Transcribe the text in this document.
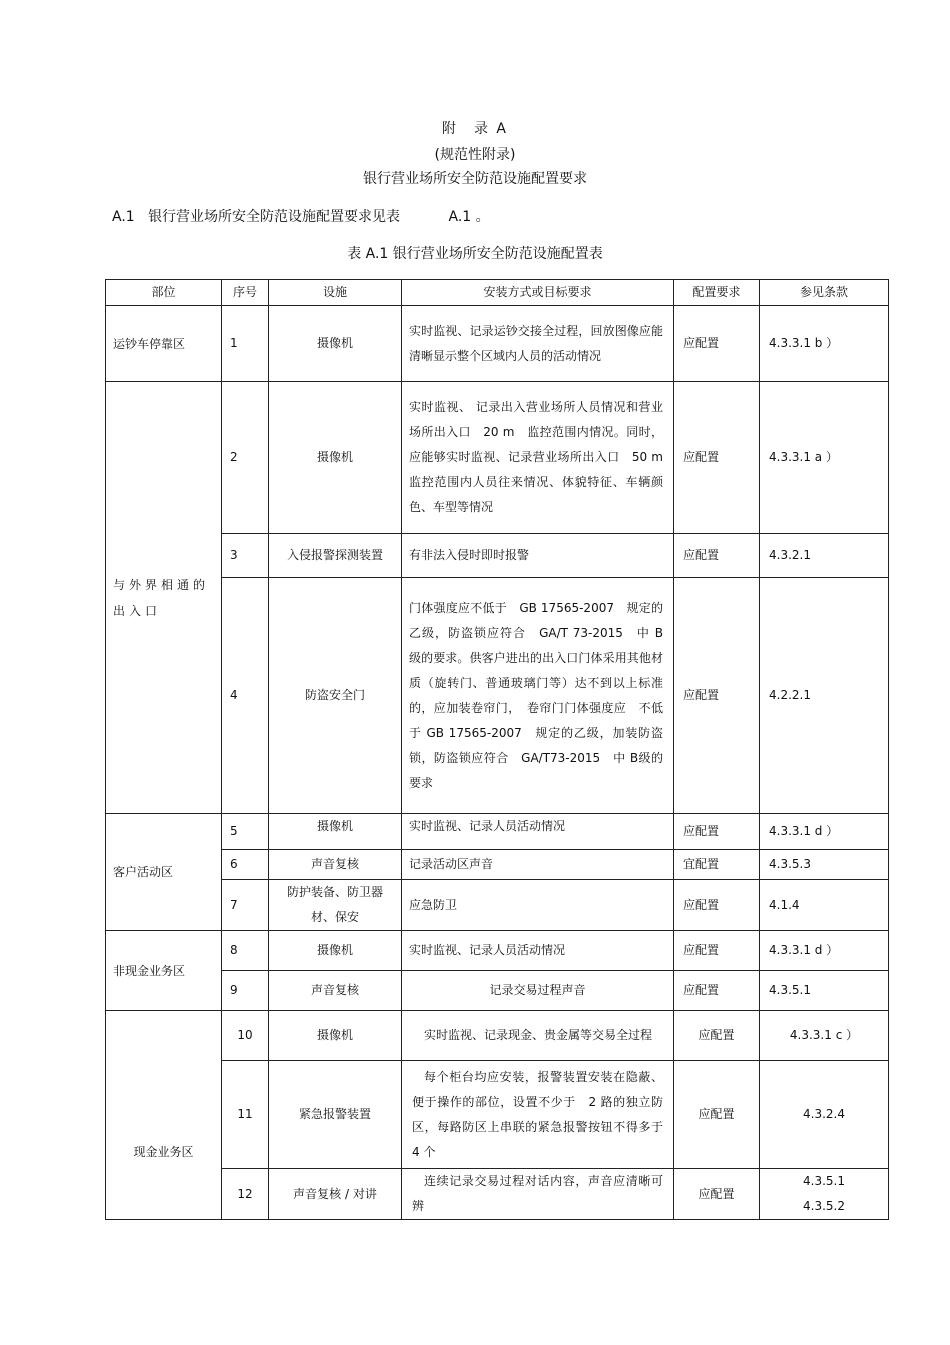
附　录 A
(规范性附录)
银行营业场所安全防范设施配置要求
A.1 银行营业场所安全防范设施配置要求见表	A.1 。
表 A.1 银行营业场所安全防范设施配置表
部位	序号	设施	安装方式或目标要求	配置要求	参见条款
运钞车停靠区	1	摄像机	实时监视、记录运钞交接全过程，回放图像应能清晰显示整个区域内人员的活动情况	应配置	4.3.3.1 b ）
与外界相通的出入口	2	摄像机	实时监视、 记录出入营业场所人员情况和营业场所出入口　20 m　监控范围内情况。同时，应能够实时监视、记录营业场所出入口　50 m　监控范围内人员往来情况、体貌特征、车辆颜色、车型等情况	应配置	4.3.3.1 a ）
	3	入侵报警探测装置	有非法入侵时即时报警	应配置	4.3.2.1
	4	防盗安全门	门体强度应不低于　GB 17565-2007　规定的乙级，防盗锁应符合　GA/T 73-2015　中 B 级的要求。供客户进出的出入口门体采用其他材质（旋转门、普通玻璃门等）达不到以上标准的，应加装卷帘门，　卷帘门门体强度应　不低于 GB 17565-2007　规定的乙级，加装防盗锁，防盗锁应符合　GA/T73-2015　中 B级的要求	应配置	4.2.2.1
客户活动区	5	摄像机	实时监视、记录人员活动情况	应配置	4.3.3.1 d ）
	6	声音复核	记录活动区声音	宜配置	4.3.5.3
	7	防护装备、防卫器材、保安	应急防卫	应配置	4.1.4
非现金业务区	8	摄像机	实时监视、记录人员活动情况	应配置	4.3.3.1 d ）
	9	声音复核	记录交易过程声音	应配置	4.3.5.1
现金业务区	10	摄像机	实时监视、记录现金、贵金属等交易全过程	应配置	4.3.3.1 c ）
	11	紧急报警装置	每个柜台均应安装，报警装置安装在隐蔽、便于操作的部位，设置不少于　2 路的独立防区，每路防区上串联的紧急报警按钮不得多于　4 个	应配置	4.3.2.4
	12	声音复核 / 对讲	连续记录交易过程对话内容，声音应清晰可辨	应配置	4.3.5.1
4.3.5.2
